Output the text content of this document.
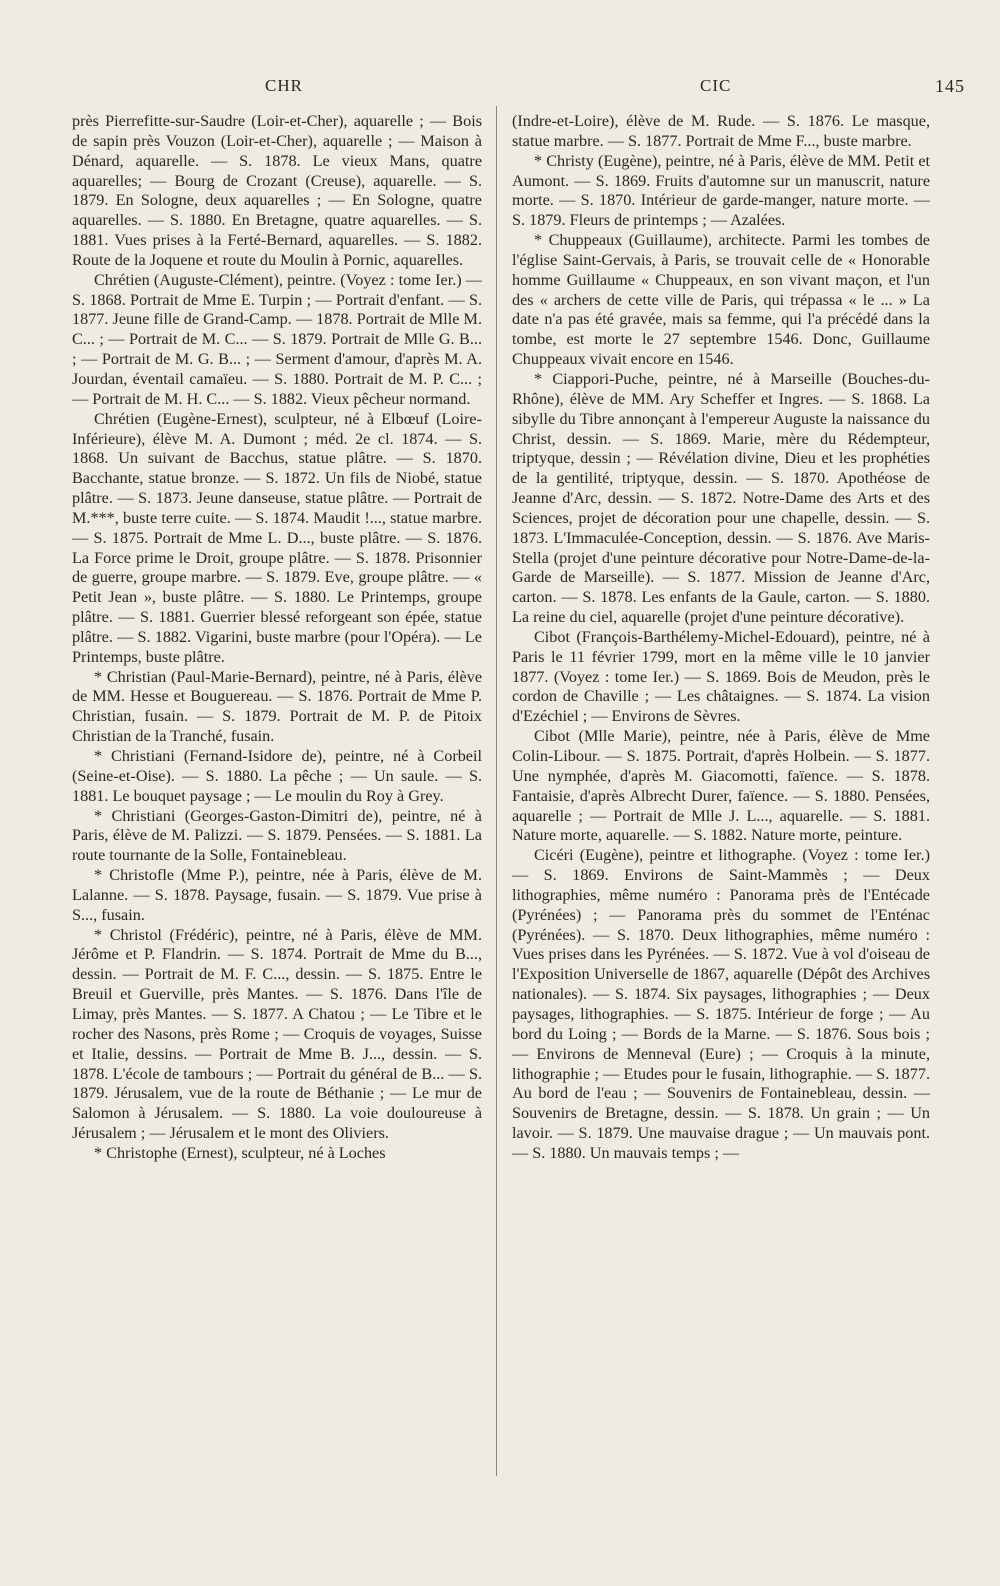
CHR	CIC	145

près Pierrefitte-sur-Saudre (Loir-et-Cher), aquarelle ; — Bois de sapin près Vouzon (Loir-et-Cher), aquarelle ; — Maison à Dénard, aquarelle. — S. 1878. Le vieux Mans, quatre aquarelles; — Bourg de Crozant (Creuse), aquarelle. — S. 1879. En Sologne, deux aquarelles ; — En Sologne, quatre aquarelles. — S. 1880. En Bretagne, quatre aquarelles. — S. 1881. Vues prises à la Ferté-Bernard, aquarelles. — S. 1882. Route de la Joquene et route du Moulin à Pornic, aquarelles.

Chrétien (Auguste-Clément), peintre. (Voyez : tome Ier.) — S. 1868. Portrait de Mme E. Turpin ; — Portrait d'enfant. — S. 1877. Jeune fille de Grand-Camp. — 1878. Portrait de Mlle M. C... ; — Portrait de M. C... — S. 1879. Portrait de Mlle G. B... ; — Portrait de M. G. B... ; — Serment d'amour, d'après M. A. Jourdan, éventail camaïeu. — S. 1880. Portrait de M. P. C... ; — Portrait de M. H. C... — S. 1882. Vieux pêcheur normand.

Chrétien (Eugène-Ernest), sculpteur, né à Elbœuf (Loire-Inférieure), élève M. A. Dumont ; méd. 2e cl. 1874. — S. 1868. Un suivant de Bacchus, statue plâtre. — S. 1870. Bacchante, statue bronze. — S. 1872. Un fils de Niobé, statue plâtre. — S. 1873. Jeune danseuse, statue plâtre. — Portrait de M.***, buste terre cuite. — S. 1874. Maudit !..., statue marbre. — S. 1875. Portrait de Mme L. D..., buste plâtre. — S. 1876. La Force prime le Droit, groupe plâtre. — S. 1878. Prisonnier de guerre, groupe marbre. — S. 1879. Eve, groupe plâtre. — « Petit Jean », buste plâtre. — S. 1880. Le Printemps, groupe plâtre. — S. 1881. Guerrier blessé reforgeant son épée, statue plâtre. — S. 1882. Vigarini, buste marbre (pour l'Opéra). — Le Printemps, buste plâtre.

* Christian (Paul-Marie-Bernard), peintre, né à Paris, élève de MM. Hesse et Bouguereau. — S. 1876. Portrait de Mme P. Christian, fusain. — S. 1879. Portrait de M. P. de Pitoix Christian de la Tranché, fusain.

* Christiani (Fernand-Isidore de), peintre, né à Corbeil (Seine-et-Oise). — S. 1880. La pêche ; — Un saule. — S. 1881. Le bouquet paysage ; — Le moulin du Roy à Grey.

* Christiani (Georges-Gaston-Dimitri de), peintre, né à Paris, élève de M. Palizzi. — S. 1879. Pensées. — S. 1881. La route tournante de la Solle, Fontainebleau.

* Christofle (Mme P.), peintre, née à Paris, élève de M. Lalanne. — S. 1878. Paysage, fusain. — S. 1879. Vue prise à S..., fusain.

* Christol (Frédéric), peintre, né à Paris, élève de MM. Jérôme et P. Flandrin. — S. 1874. Portrait de Mme du B..., dessin. — Portrait de M. F. C..., dessin. — S. 1875. Entre le Breuil et Guerville, près Mantes. — S. 1876. Dans l'île de Limay, près Mantes. — S. 1877. A Chatou ; — Le Tibre et le rocher des Nasons, près Rome ; — Croquis de voyages, Suisse et Italie, dessins. — Portrait de Mme B. J..., dessin. — S. 1878. L'école de tambours ; — Portrait du général de B... — S. 1879. Jérusalem, vue de la route de Béthanie ; — Le mur de Salomon à Jérusalem. — S. 1880. La voie douloureuse à Jérusalem ; — Jérusalem et le mont des Oliviers.

* Christophe (Ernest), sculpteur, né à Loches

(Indre-et-Loire), élève de M. Rude. — S. 1876. Le masque, statue marbre. — S. 1877. Portrait de Mme F..., buste marbre.

* Christy (Eugène), peintre, né à Paris, élève de MM. Petit et Aumont. — S. 1869. Fruits d'automne sur un manuscrit, nature morte. — S. 1870. Intérieur de garde-manger, nature morte. — S. 1879. Fleurs de printemps ; — Azalées.

* Chuppeaux (Guillaume), architecte. Parmi les tombes de l'église Saint-Gervais, à Paris, se trouvait celle de « Honorable homme Guillaume « Chuppeaux, en son vivant maçon, et l'un des « archers de cette ville de Paris, qui trépassa « le ... » La date n'a pas été gravée, mais sa femme, qui l'a précédé dans la tombe, est morte le 27 septembre 1546. Donc, Guillaume Chuppeaux vivait encore en 1546.

* Ciappori-Puche, peintre, né à Marseille (Bouches-du-Rhône), élève de MM. Ary Scheffer et Ingres. — S. 1868. La sibylle du Tibre annonçant à l'empereur Auguste la naissance du Christ, dessin. — S. 1869. Marie, mère du Rédempteur, triptyque, dessin ; — Révélation divine, Dieu et les prophéties de la gentilité, triptyque, dessin. — S. 1870. Apothéose de Jeanne d'Arc, dessin. — S. 1872. Notre-Dame des Arts et des Sciences, projet de décoration pour une chapelle, dessin. — S. 1873. L'Immaculée-Conception, dessin. — S. 1876. Ave Maris-Stella (projet d'une peinture décorative pour Notre-Dame-de-la-Garde de Marseille). — S. 1877. Mission de Jeanne d'Arc, carton. — S. 1878. Les enfants de la Gaule, carton. — S. 1880. La reine du ciel, aquarelle (projet d'une peinture décorative).

Cibot (François-Barthélemy-Michel-Edouard), peintre, né à Paris le 11 février 1799, mort en la même ville le 10 janvier 1877. (Voyez : tome Ier.) — S. 1869. Bois de Meudon, près le cordon de Chaville ; — Les châtaignes. — S. 1874. La vision d'Ezéchiel ; — Environs de Sèvres.

Cibot (Mlle Marie), peintre, née à Paris, élève de Mme Colin-Libour. — S. 1875. Portrait, d'après Holbein. — S. 1877. Une nymphée, d'après M. Giacomotti, faïence. — S. 1878. Fantaisie, d'après Albrecht Durer, faïence. — S. 1880. Pensées, aquarelle ; — Portrait de Mlle J. L..., aquarelle. — S. 1881. Nature morte, aquarelle. — S. 1882. Nature morte, peinture.

Cicéri (Eugène), peintre et lithographe. (Voyez : tome Ier.) — S. 1869. Environs de Saint-Mammès ; — Deux lithographies, même numéro : Panorama près de l'Entécade (Pyrénées) ; — Panorama près du sommet de l'Enténac (Pyrénées). — S. 1870. Deux lithographies, même numéro : Vues prises dans les Pyrénées. — S. 1872. Vue à vol d'oiseau de l'Exposition Universelle de 1867, aquarelle (Dépôt des Archives nationales). — S. 1874. Six paysages, lithographies ; — Deux paysages, lithographies. — S. 1875. Intérieur de forge ; — Au bord du Loing ; — Bords de la Marne. — S. 1876. Sous bois ; — Environs de Menneval (Eure) ; — Croquis à la minute, lithographie ; — Etudes pour le fusain, lithographie. — S. 1877. Au bord de l'eau ; — Souvenirs de Fontainebleau, dessin. — Souvenirs de Bretagne, dessin. — S. 1878. Un grain ; — Un lavoir. — S. 1879. Une mauvaise drague ; — Un mauvais pont. — S. 1880. Un mauvais temps ; —
